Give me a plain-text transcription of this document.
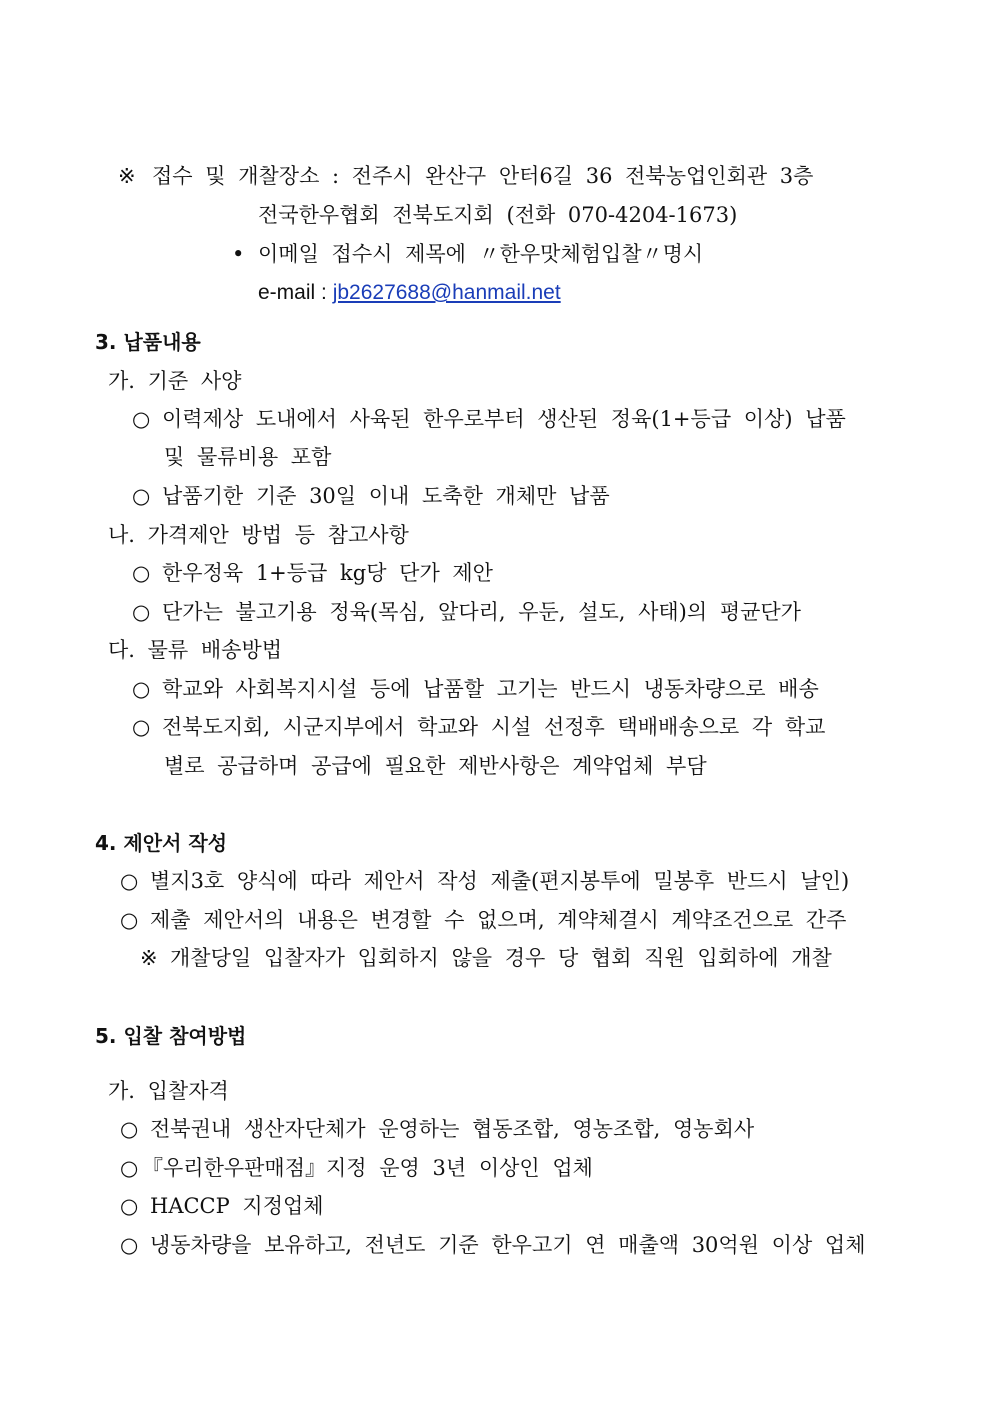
※ 접수 및 개찰장소 : 전주시 완산구 안터6길 36 전북농업인회관 3층
전국한우협회 전북도지회 (전화 070-4204-1673)
• 이메일 접수시 제목에 〃한우맛체험입찰〃명시
e-mail : jb2627688@hanmail.net
3. 납품내용
가. 기준 사양
○ 이력제상 도내에서 사육된 한우로부터 생산된 정육(1+등급 이상) 납품
및 물류비용 포함
○ 납품기한 기준 30일 이내 도축한 개체만 납품
나. 가격제안 방법 등 참고사항
○ 한우정육 1+등급 kg당 단가 제안
○ 단가는 불고기용 정육(목심, 앞다리, 우둔, 설도, 사태)의 평균단가
다. 물류 배송방법
○ 학교와 사회복지시설 등에 납품할 고기는 반드시 냉동차량으로 배송
○ 전북도지회, 시군지부에서 학교와 시설 선정후 택배배송으로 각 학교
별로 공급하며 공급에 필요한 제반사항은 계약업체 부담
4. 제안서 작성
○ 별지3호 양식에 따라 제안서 작성 제출(편지봉투에 밀봉후 반드시 날인)
○ 제출 제안서의 내용은 변경할 수 없으며, 계약체결시 계약조건으로 간주
※ 개찰당일 입찰자가 입회하지 않을 경우 당 협회 직원 입회하에 개찰
5. 입찰 참여방법
가. 입찰자격
○ 전북권내 생산자단체가 운영하는 협동조합, 영농조합, 영농회사
○ 『우리한우판매점』지정 운영 3년 이상인 업체
○ HACCP 지정업체
○ 냉동차량을 보유하고, 전년도 기준 한우고기 연 매출액 30억원 이상 업체
